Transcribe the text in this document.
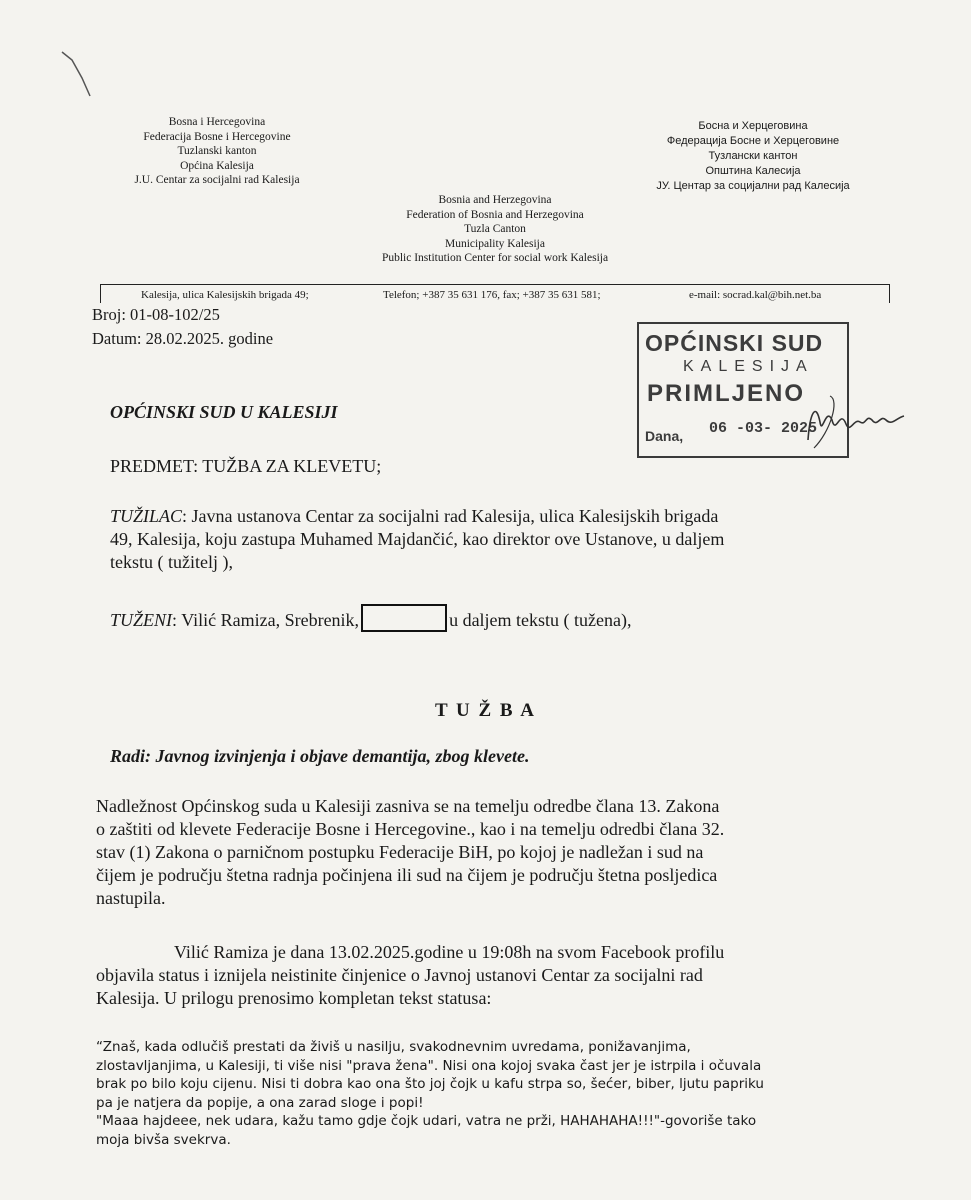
Bosna i Hercegovina
Federacija Bosne i Hercegovine
Tuzlanski kanton
Općina Kalesija
J.U. Centar za socijalni rad Kalesija
Босна и Херцеговина
Федерација Босне и Херцеговине
Тузлански кантон
Општина Калесија
ЈУ. Центар за социјални рад Калесија
Bosnia and Herzegovina
Federation of Bosnia and Herzegovina
Tuzla Canton
Municipality Kalesija
Public Institution Center for social work Kalesija
Kalesija, ulica Kalesijskih brigada 49;	Telefon; +387 35 631 176, fax; +387 35 631 581;	e-mail: socrad.kal@bih.net.ba
Broj: 01-08-102/25
Datum: 28.02.2025. godine	OPĆINSKI SUD
KALESIJA
PRIMLJENO
Dana, 06 -03- 2025
OPĆINSKI SUD U KALESIJI
PREDMET: TUŽBA ZA KLEVETU;
TUŽILAC: Javna ustanova Centar za socijalni rad Kalesija, ulica Kalesijskih brigada
49, Kalesija, koju zastupa Muhamed Majdančić, kao direktor ove Ustanove, u daljem
tekstu ( tužitelj ),
TUŽENI: Vilić Ramiza, Srebrenik,	u daljem tekstu ( tužena),
T U Ž B A
Radi: Javnog izvinjenja i objave demantija, zbog klevete.
Nadležnost Općinskog suda u Kalesiji zasniva se na temelju odredbe člana 13. Zakona
o zaštiti od klevete Federacije Bosne i Hercegovine., kao i na temelju odredbi člana 32.
stav (1) Zakona o parničnom postupku Federacije BiH, po kojoj je nadležan i sud na
čijem je području štetna radnja počinjena ili sud na čijem je području štetna posljedica
nastupila.
Vilić Ramiza je dana 13.02.2025.godine u 19:08h na svom Facebook profilu
objavila status i iznijela neistinite činjenice o Javnoj ustanovi Centar za socijalni rad
Kalesija. U prilogu prenosimo kompletan tekst statusa:
“Znaš, kada odlučiš prestati da živiš u nasilju, svakodnevnim uvredama, ponižavanjima,
zlostavljanjima, u Kalesiji, ti više nisi "prava žena". Nisi ona kojoj svaka čast jer je istrpila i očuvala
brak po bilo koju cijenu. Nisi ti dobra kao ona što joj čojk u kafu strpa so, šećer, biber, ljutu papriku
pa je natjera da popije, a ona zarad sloge i popi!
"Maaa hajdeee, nek udara, kažu tamo gdje čojk udari, vatra ne prži, HAHAHAHA!!!"-govoriše tako
moja bivša svekrva.
